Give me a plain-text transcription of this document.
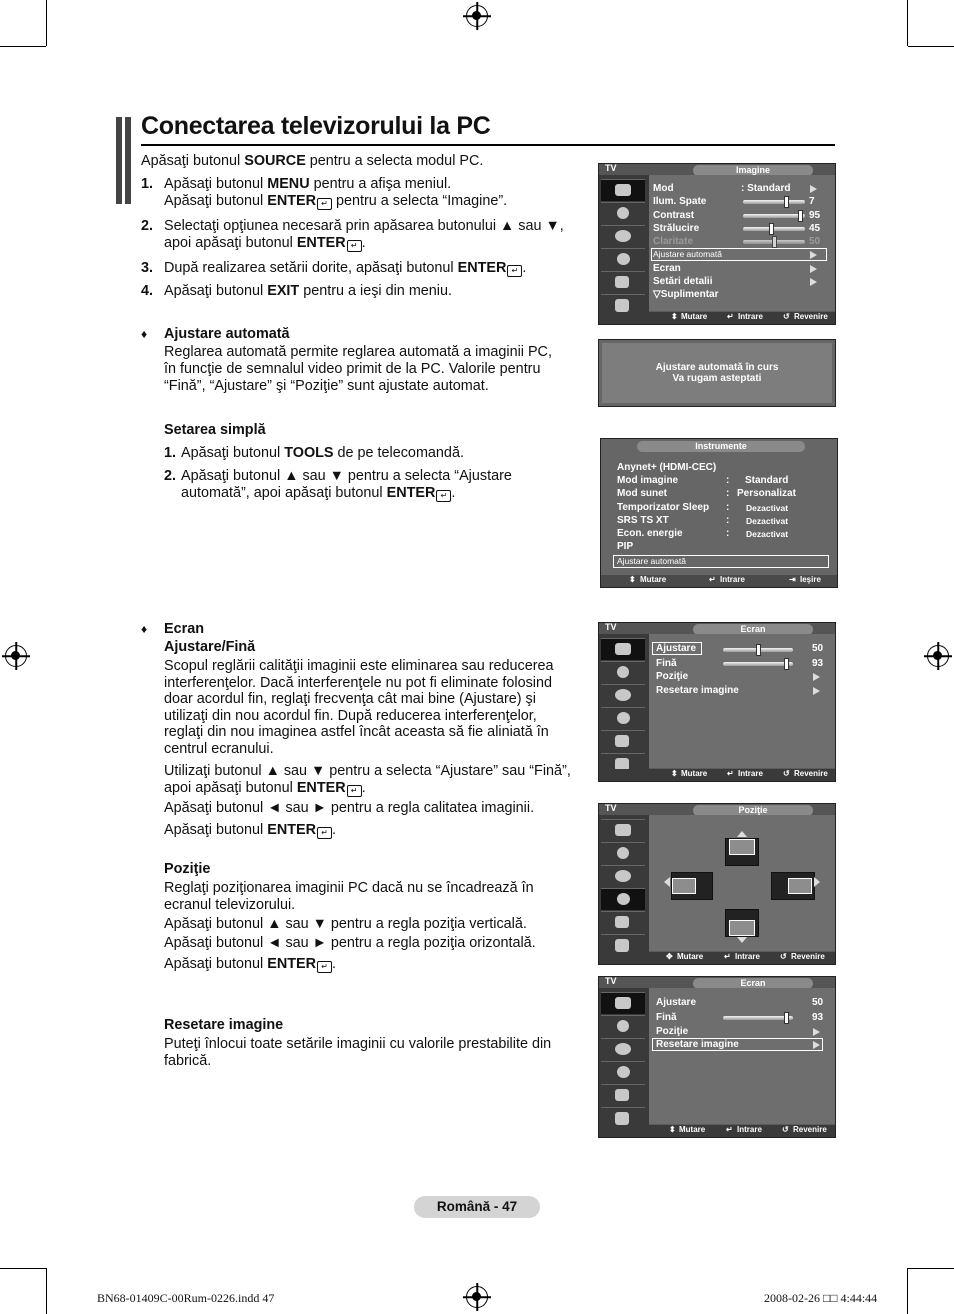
Conectarea televizorului la PC
Apăsaţi butonul SOURCE pentru a selecta modul PC.
1. Apăsaţi butonul MENU pentru a afişa meniul.
Apăsaţi butonul ENTER ↵ pentru a selecta “Imagine”.
2. Selectaţi opţiunea necesară prin apăsarea butonului ▲ sau ▼,
apoi apăsaţi butonul ENTER ↵ .
3. După realizarea setării dorite, apăsaţi butonul ENTER ↵ .
4. Apăsaţi butonul EXIT pentru a ieşi din meniu.
♦ Ajustare automată
Reglarea automată permite reglarea automată a imaginii PC,
în funcţie de semnalul video primit de la PC. Valorile pentru
“Fină”, “Ajustare” şi “Poziţie” sunt ajustate automat.
Setarea simplă
1. Apăsaţi butonul TOOLS de pe telecomandă.
2. Apăsaţi butonul ▲ sau ▼ pentru a selecta “Ajustare
automată”, apoi apăsaţi butonul ENTER ↵ .
♦ Ecran
Ajustare/Fină
Scopul reglării calităţii imaginii este eliminarea sau reducerea
interferenţelor. Dacă interferenţele nu pot fi eliminate folosind
doar acordul fin, reglaţi frecvenţa cât mai bine (Ajustare) şi
utilizaţi din nou acordul fin. După reducerea interferenţelor,
reglaţi din nou imaginea astfel încât aceasta să fie aliniată în
centrul ecranului.
Utilizaţi butonul ▲ sau ▼ pentru a selecta “Ajustare” sau “Fină”,
apoi apăsaţi butonul ENTER ↵ .
Apăsaţi butonul ◄ sau ► pentru a regla calitatea imaginii.
Apăsaţi butonul ENTER ↵ .
Poziţie
Reglaţi poziţionarea imaginii PC dacă nu se încadrează în
ecranul televizorului.
Apăsaţi butonul ▲ sau ▼ pentru a regla poziţia verticală.
Apăsaţi butonul ◄ sau ► pentru a regla poziţia orizontală.
Apăsaţi butonul ENTER ↵ .
Resetare imagine
Puteţi înlocui toate setările imaginii cu valorile prestabilite din
fabrică.
TV	Imagine
Mod	: Standard
Ilum. Spate	7
Contrast	95
Strălucire	45
Claritate	50
Ajustare automată
Ecran
Setări detalii
▽Suplimentar
⬍ Mutare ↵ Intrare	↺ Revenire
Ajustare automată în curs
Va rugam asteptati
Instrumente
Anynet+ (HDMI-CEC)
Mod imagine	: Standard
Mod sunet	: Personalizat
Temporizator Sleep : Dezactivat
SRS TS XT	: Dezactivat
Econ. energie	: Dezactivat
PIP
Ajustare automată
⬍ Mutare	↵ Intrare	⇥ Ieşire
TV	Ecran
Ajustare	50
Fină	93
Poziţie
Resetare imagine
⬍ Mutare ↵ Intrare	↺ Revenire
TV	Poziţie
✥ Mutare	↵ Intrare	↺ Revenire
TV	Ecran
Ajustare	50
Fină	93
Poziţie
Resetare imagine
⬍ Mutare	↵ Intrare	↺ Revenire
Română - 47
BN68-01409C-00Rum-0226.indd 47	2008-02-26 □□ 4:44:44
